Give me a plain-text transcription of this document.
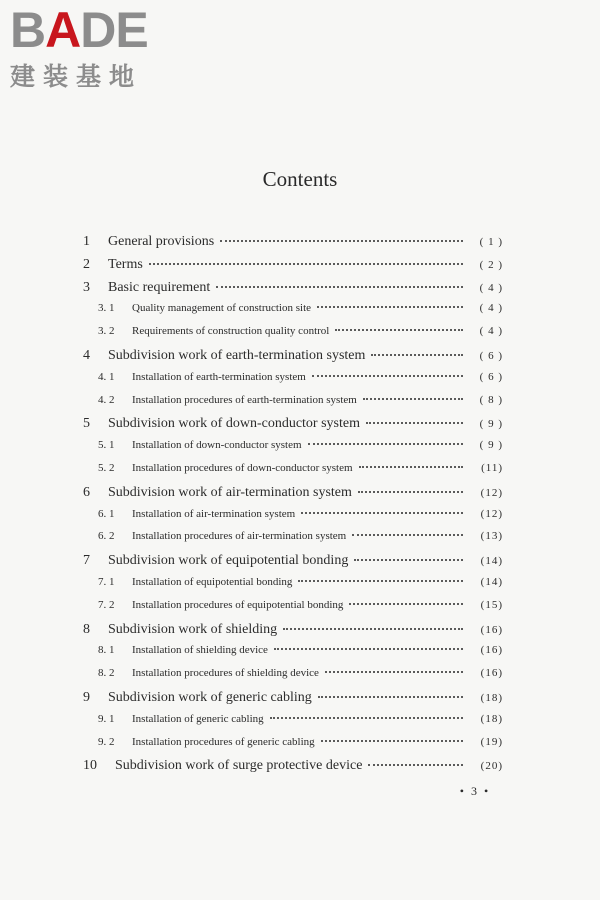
BADE
建装基地
Contents
1	General provisions	( 1 )
2	Terms	( 2 )
3	Basic requirement	( 4 )
3. 1	Quality management of construction site	( 4 )
3. 2	Requirements of construction quality control	( 4 )
4	Subdivision work of earth-termination system	( 6 )
4. 1	Installation of earth-termination system	( 6 )
4. 2	Installation procedures of earth-termination system	( 8 )
5	Subdivision work of down-conductor system	( 9 )
5. 1	Installation of down-conductor system	( 9 )
5. 2	Installation procedures of down-conductor system	(11)
6	Subdivision work of air-termination system	(12)
6. 1	Installation of air-termination system	(12)
6. 2	Installation procedures of air-termination system	(13)
7	Subdivision work of equipotential bonding	(14)
7. 1	Installation of equipotential bonding	(14)
7. 2	Installation procedures of equipotential bonding	(15)
8	Subdivision work of shielding	(16)
8. 1	Installation of shielding device	(16)
8. 2	Installation procedures of shielding device	(16)
9	Subdivision work of generic cabling	(18)
9. 1	Installation of generic cabling	(18)
9. 2	Installation procedures of generic cabling	(19)
10	Subdivision work of surge protective device	(20)
• 3 •
